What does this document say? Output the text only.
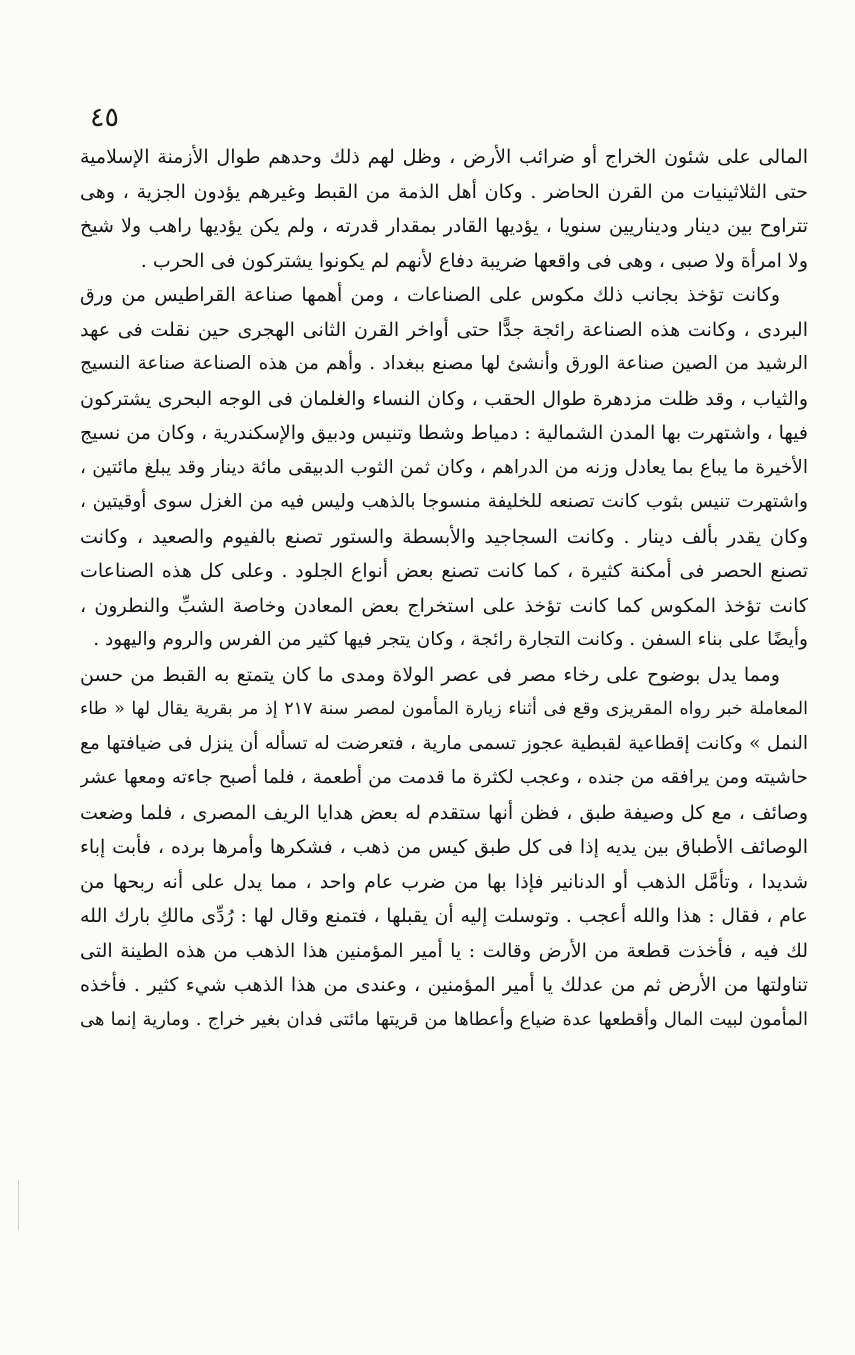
٤٥
المالى على شئون الخراج أو ضرائب الأرض ، وظل لهم ذلك وحدهم طوال الأزمنة الإسلامية
حتى الثلاثينيات من القرن الحاضر . وكان أهل الذمة من القبط وغيرهم يؤدون الجزية ، وهى
تتراوح بين دينار وديناريين سنويا ، يؤديها القادر بمقدار قدرته ، ولم يكن يؤديها راهب ولا شيخ
ولا امرأة ولا صبى ، وهى فى واقعها ضريبة دفاع لأنهم لم يكونوا يشتركون فى الحرب .
وكانت تؤخذ بجانب ذلك مكوس على الصناعات ، ومن أهمها صناعة القراطيس من ورق
البردى ، وكانت هذه الصناعة رائجة جدًّا حتى أواخر القرن الثانى الهجرى حين نقلت فى عهد
الرشيد من الصين صناعة الورق وأنشئ لها مصنع ببغداد . وأهم من هذه الصناعة صناعة النسيج
والثياب ، وقد ظلت مزدهرة طوال الحقب ، وكان النساء والغلمان فى الوجه البحرى يشتركون
فيها ، واشتهرت بها المدن الشمالية : دمياط وشطا وتنيس ودبيق والإسكندرية ، وكان من نسيج
الأخيرة ما يباع بما يعادل وزنه من الدراهم ، وكان ثمن الثوب الدبيقى مائة دينار وقد يبلغ مائتين ،
واشتهرت تنيس بثوب كانت تصنعه للخليفة منسوجا بالذهب وليس فيه من الغزل سوى أوقيتين ،
وكان يقدر بألف دينار . وكانت السجاجيد والأبسطة والستور تصنع بالفيوم والصعيد ، وكانت
تصنع الحصر فى أمكنة كثيرة ، كما كانت تصنع بعض أنواع الجلود . وعلى كل هذه الصناعات
كانت تؤخذ المكوس كما كانت تؤخذ على استخراج بعض المعادن وخاصة الشبِّ والنطرون ،
وأيضًا على بناء السفن . وكانت التجارة رائجة ، وكان يتجر فيها كثير من الفرس والروم واليهود .
ومما يدل بوضوح على رخاء مصر فى عصر الولاة ومدى ما كان يتمتع به القبط من حسن
المعاملة خبر رواه المقريزى وقع فى أثناء زيارة المأمون لمصر سنة ٢١٧ إذ مر بقرية يقال لها « طاء
النمل » وكانت إقطاعية لقبطية عجوز تسمى مارية ، فتعرضت له تسأله أن ينزل فى ضيافتها مع
حاشيته ومن يرافقه من جنده ، وعجب لكثرة ما قدمت من أطعمة ، فلما أصبح جاءته ومعها عشر
وصائف ، مع كل وصيفة طبق ، فظن أنها ستقدم له بعض هدايا الريف المصرى ، فلما وضعت
الوصائف الأطباق بين يديه إذا فى كل طبق كيس من ذهب ، فشكرها وأمرها برده ، فأبت إباء
شديدا ، وتأمَّل الذهب أو الدنانير فإذا بها من ضرب عام واحد ، مما يدل على أنه ربحها من
عام ، فقال : هذا والله أعجب . وتوسلت إليه أن يقبلها ، فتمنع وقال لها : رُدِّى مالكِ بارك الله
لك فيه ، فأخذت قطعة من الأرض وقالت : يا أمير المؤمنين هذا الذهب من هذه الطينة التى
تناولتها من الأرض ثم من عدلك يا أمير المؤمنين ، وعندى من هذا الذهب شيء كثير . فأخذه
المأمون لبيت المال وأقطعها عدة ضياع وأعطاها من قريتها مائتى فدان بغير خراج . ومارية إنما هى
